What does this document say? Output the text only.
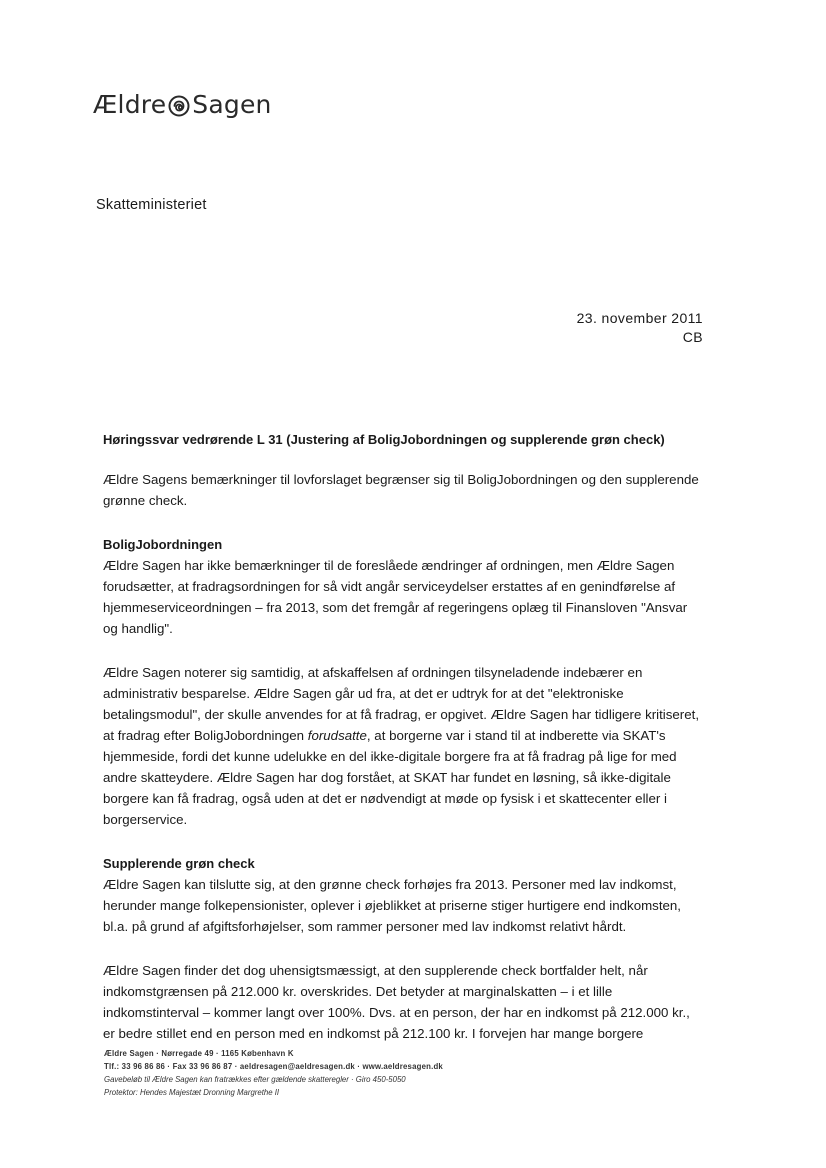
Ældre Sagen
Skatteministeriet
23. november 2011
CB

Høringssvar vedrørende L 31 (Justering af BoligJobordningen og supplerende grøn check)

Ældre Sagens bemærkninger til lovforslaget begrænser sig til BoligJobordningen og den supplerende grønne check.

BoligJobordningen

Ældre Sagen har ikke bemærkninger til de foreslåede ændringer af ordningen, men Ældre Sagen forudsætter, at fradragsordningen for så vidt angår serviceydelser erstattes af en genindførelse af hjemmeserviceordningen – fra 2013, som det fremgår af regeringens oplæg til Finansloven "Ansvar og handlig".

Ældre Sagen noterer sig samtidig, at afskaffelsen af ordningen tilsyneladende indebærer en administrativ besparelse. Ældre Sagen går ud fra, at det er udtryk for at det "elektroniske betalingsmodul", der skulle anvendes for at få fradrag, er opgivet. Ældre Sagen har tidligere kritiseret, at fradrag efter BoligJobordningen forudsatte, at borgerne var i stand til at indberette via SKAT's hjemmeside, fordi det kunne udelukke en del ikke-digitale borgere fra at få fradrag på lige for med andre skatteydere. Ældre Sagen har dog forstået, at SKAT har fundet en løsning, så ikke-digitale borgere kan få fradrag, også uden at det er nødvendigt at møde op fysisk i et skattecenter eller i borgerservice.

Supplerende grøn check

Ældre Sagen kan tilslutte sig, at den grønne check forhøjes fra 2013. Personer med lav indkomst, herunder mange folkepensionister, oplever i øjeblikket at priserne stiger hurtigere end indkomsten, bl.a. på grund af afgiftsforhøjelser, som rammer personer med lav indkomst relativt hårdt.

Ældre Sagen finder det dog uhensigtsmæssigt, at den supplerende check bortfalder helt, når indkomstgrænsen på 212.000 kr. overskrides. Det betyder at marginalskatten – i et lille indkomstinterval – kommer langt over 100%. Dvs. at en person, der har en indkomst på 212.000 kr., er bedre stillet end en person med en indkomst på 212.100 kr. I forvejen har mange borgere

Ældre Sagen · Nørregade 49 · 1165 København K
Tlf.: 33 96 86 86 · Fax 33 96 86 87 · aeldresagen@aeldresagen.dk · www.aeldresagen.dk
Gavebeløb til Ældre Sagen kan fratrækkes efter gældende skatteregler · Giro 450-5050
Protektor: Hendes Majestæt Dronning Margrethe II
